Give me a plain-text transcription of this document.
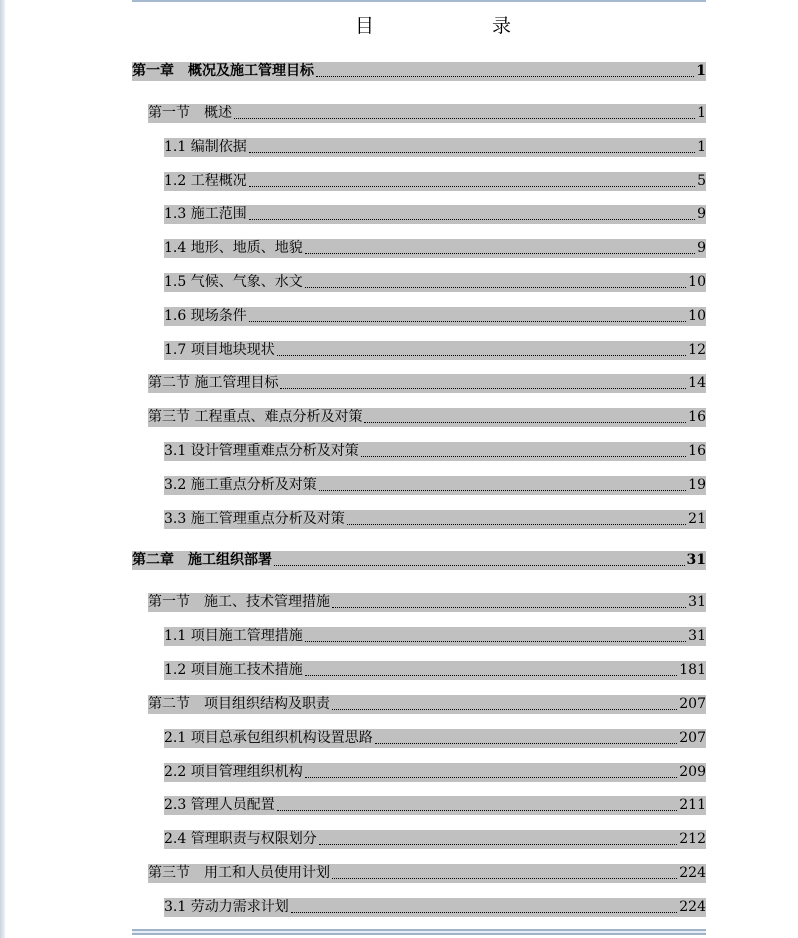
目	录
第一章　概况及施工管理目标	1
第一节　概述	1
1.1 编制依据	1
1.2 工程概况	5
1.3 施工范围	9
1.4 地形、地质、地貌	9
1.5 气候、气象、水文	10
1.6 现场条件	10
1.7 项目地块现状	12
第二节 施工管理目标	14
第三节 工程重点、难点分析及对策	16
3.1 设计管理重难点分析及对策	16
3.2 施工重点分析及对策	19
3.3 施工管理重点分析及对策	21
第二章　施工组织部署	31
第一节　施工、技术管理措施	31
1.1 项目施工管理措施	31
1.2 项目施工技术措施	181
第二节　项目组织结构及职责	207
2.1 项目总承包组织机构设置思路	207
2.2 项目管理组织机构	209
2.3 管理人员配置	211
2.4 管理职责与权限划分	212
第三节　用工和人员使用计划	224
3.1 劳动力需求计划	224
